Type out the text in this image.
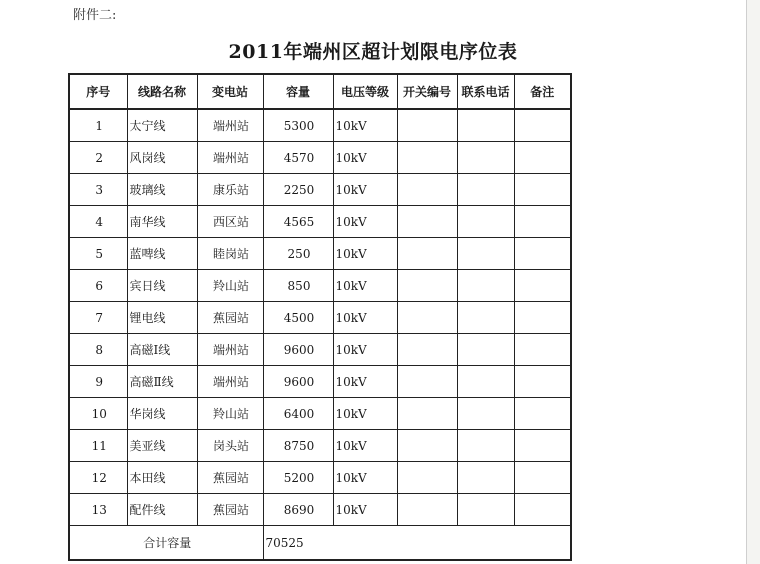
附件二:
2011年端州区超计划限电序位表
序号	线路名称	变电站	容量	电压等级	开关编号	联系电话	备注
1	太宁线	端州站	5300	10kV			
2	风岗线	端州站	4570	10kV			
3	玻璃线	康乐站	2250	10kV			
4	南华线	西区站	4565	10kV			
5	蓝啤线	睦岗站	250	10kV			
6	宾日线	羚山站	850	10kV			
7	锂电线	蕉园站	4500	10kV			
8	高磁Ⅰ线	端州站	9600	10kV			
9	高磁Ⅱ线	端州站	9600	10kV			
10	华岗线	羚山站	6400	10kV			
11	美亚线	岗头站	8750	10kV			
12	本田线	蕉园站	5200	10kV			
13	配件线	蕉园站	8690	10kV			
合计容量			70525				
